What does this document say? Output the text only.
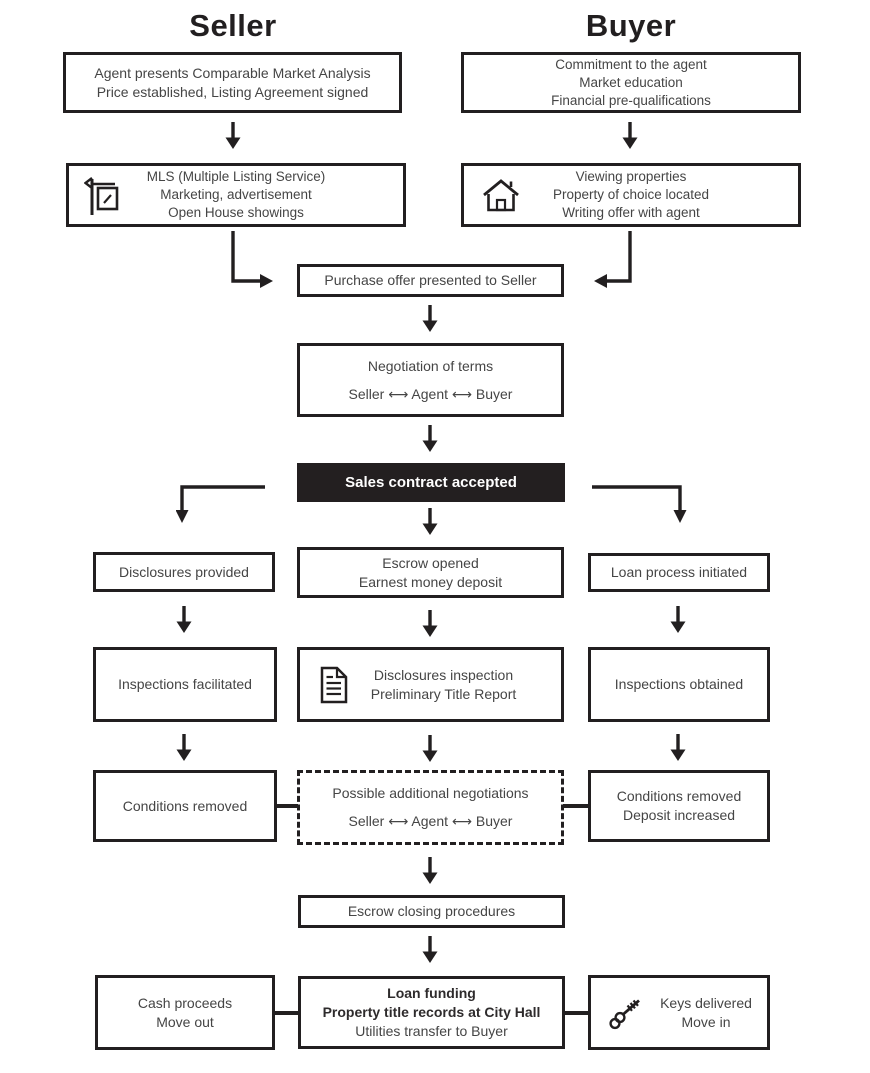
Seller	Buyer
Agent presents Comparable Market Analysis
Price established, Listing Agreement signed
Commitment to the agent
Market education
Financial pre-qualifications
MLS (Multiple Listing Service)
Marketing, advertisement
Open House showings
Viewing properties
Property of choice located
Writing offer with agent
Purchase offer presented to Seller
Negotiation of terms
Seller ⟷ Agent ⟷ Buyer
Sales contract accepted
Disclosures provided
Escrow opened
Earnest money deposit
Loan process initiated
Inspections facilitated
Disclosures inspection
Preliminary Title Report
Inspections obtained
Conditions removed
Possible additional negotiations
Seller ⟷ Agent ⟷ Buyer
Conditions removed
Deposit increased
Escrow closing procedures
Cash proceeds
Move out
Loan funding
Property title records at City Hall
Utilities transfer to Buyer
Keys delivered
Move in
